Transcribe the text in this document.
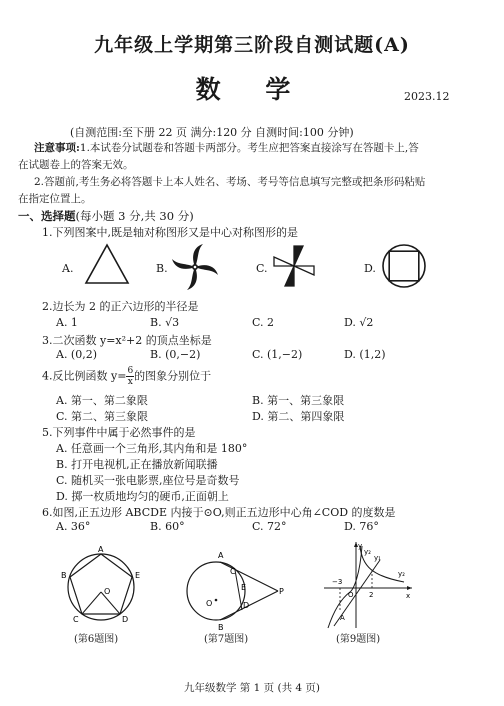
九年级上学期第三阶段自测试题(A)
数 学	2023.12
(自测范围:至下册 22 页 满分:120 分 自测时间:100 分钟)
注意事项:1.本试卷分试题卷和答题卡两部分。考生应把答案直接涂写在答题卡上,答
在试题卷上的答案无效。
2.答题前,考生务必将答题卡上本人姓名、考场、考号等信息填写完整或把条形码粘贴
在指定位置上。
一、选择题(每小题 3 分,共 30 分)
1.下列图案中,既是轴对称图形又是中心对称图形的是
A.	B.	C.	D.
2.边长为 2 的正六边形的半径是
A. 1	B. √3	C. 2	D. √2
3.二次函数 y=x²+2 的顶点坐标是
A. (0,2)	B. (0,−2)	C. (1,−2)	D. (1,2)
4.反比例函数 $y= \frac{6}{x}$ 的图象分别位于
A. 第一、第二象限	B. 第一、第三象限
C. 第二、第三象限	D. 第二、第四象限
5.下列事件中属于必然事件的是
A. 任意画一个三角形,其内角和是 180°
B. 打开电视机,正在播放新闻联播
C. 随机买一张电影票,座位号是奇数号
D. 掷一枚质地均匀的硬币,正面朝上
6.如图,正五边形 ABCDE 内接于⊙O,则正五边形中心角∠COD 的度数是
A. 36°	B. 60°	C. 72°	D. 76°
A
B
C	D
E
O
(第6题图)
A
B
C
D
E
O
P
(第7题图)
y
y₂
y₁
y₂
x
−3
O 2
A
(第9题图)
九年级数学 第 1 页 (共 4 页)
